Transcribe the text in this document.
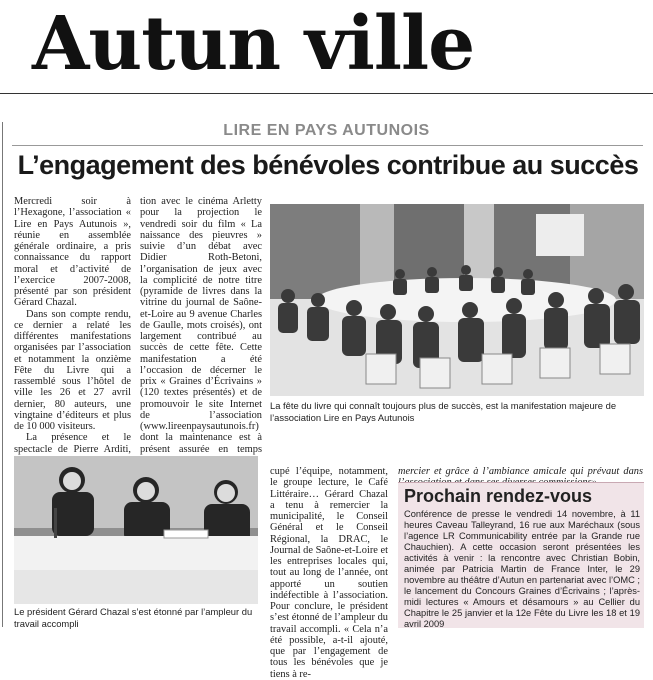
Autun ville
LIRE EN PAYS AUTUNOIS
L’engagement des bénévoles contribue au succès

Mercredi soir à l’Hexagone, l’association « Lire en Pays Autunois », réunie en assemblée générale ordinaire, a pris connaissance du rapport moral et d’activité de l’exercice 2007-2008, présenté par son président Gérard Chazal.

Dans son compte rendu, ce dernier a relaté les différentes manifestations organisées par l’association et notamment la onzième Fête du Livre qui a rassemblé sous l’hôtel de ville les 26 et 27 avril dernier, 80 auteurs, une vingtaine d’éditeurs et plus de 10 000 visiteurs.

La présence et le spectacle de Pierre Arditi,

tion avec le cinéma Arletty pour la projection le vendredi soir du film « La naissance des pieuvres » suivie d’un débat avec Didier Roth-Betoni, l’organisation de jeux avec la complicité de notre titre (pyramide de livres dans la vitrine du journal de Saône-et-Loire au 9 avenue Charles de Gaulle, mots croisés), ont largement contribué au succès de cette fête. Cette manifestation a été l’occasion de décerner le prix « Graines d’Écrivains » (120 textes présentés) et de promouvoir le site Internet de l’association (www.lireenpaysautunois.fr) dont la maintenance est à présent assurée en temps

La fête du livre qui connaît toujours plus de succès, est la manifestation majeure de l’association Lire en Pays Autunois
Le président Gérard Chazal s’est étonné par l’ampleur du travail accompli

cupé l’équipe, notamment, le groupe lecture, le Café Littéraire… Gérard Chazal a tenu à remercier la municipalité, le Conseil Général et le Conseil Régional, la DRAC, le Journal de Saône-et-Loire et les entreprises locales qui, tout au long de l’année, ont apporté un soutien indéfectible à l’association. Pour conclure, le président s’est étonné de l’ampleur du travail accompli. « Cela n’a été possible, a-t-il ajouté, que par l’engagement de tous les bénévoles que je tiens à re-

mercier et grâce à l’ambiance amicale qui prévaut dans

Prochain rendez-vous
Conférence de presse le vendredi 14 novembre, à 11 heures Caveau Talleyrand, 16 rue aux Maréchaux (sous l’agence LR Communicability entrée par la Grande rue Chauchien). A cette occasion seront présentées les activités à venir : la rencontre avec Christian Bobin, animée par Patricia Martin de France Inter, le 29 novembre au théâtre d’Autun en partenariat avec l’OMC ; le lancement du Concours Graines d’Écrivains ; l’après-midi lectures « Amours et désamours » au Cellier du Chapitre le 25 janvier et la 12e Fête du Livre les 18 et 19 avril 2009
